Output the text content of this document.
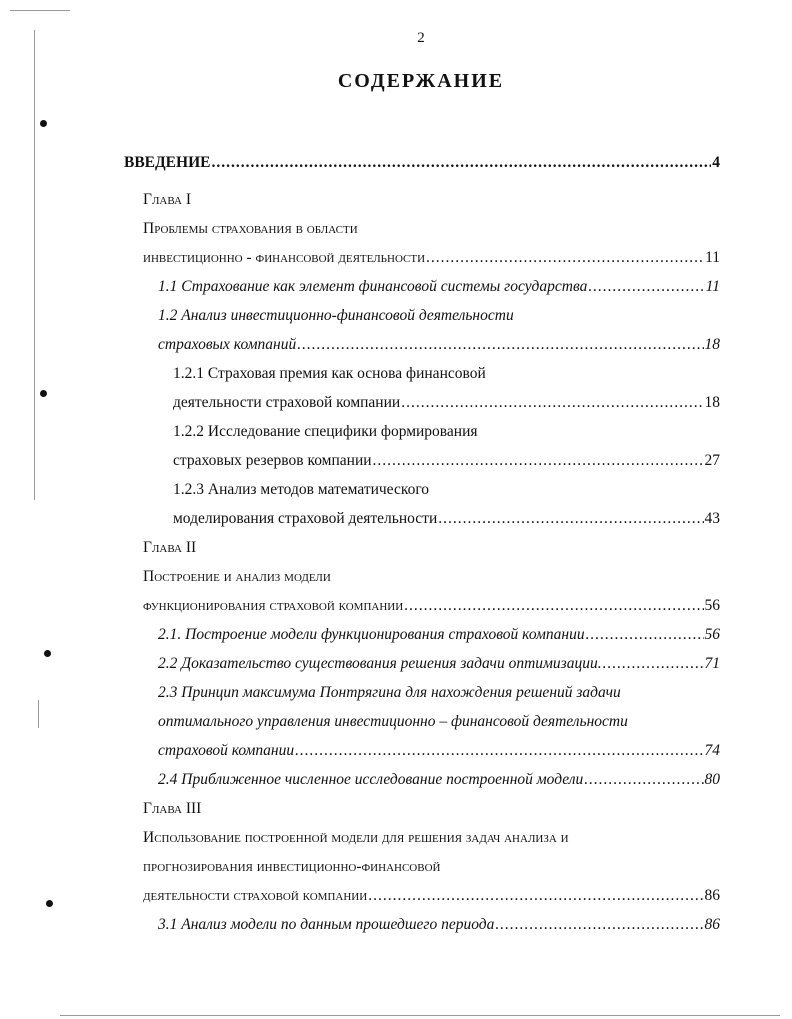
2
СОДЕРЖАНИЕ
ВВЕДЕНИЕ .....	4
Глава I
Проблемы страхования в области
инвестиционно - финансовой деятельности .....	11
1.1 Страхование как элемент финансовой системы государства .....	11
1.2 Анализ инвестиционно-финансовой деятельности
страховых компаний .....	18
1.2.1 Страховая премия как основа финансовой
деятельности страховой компании .....	18
1.2.2 Исследование специфики формирования
страховых резервов компании .....	27
1.2.3 Анализ методов математического
моделирования страховой деятельности .....	43
Глава II
Построение и анализ модели
функционирования страховой компании .....	56
2.1. Построение модели функционирования страховой компании .....	56
2.2 Доказательство существования решения задачи оптимизации. .....	71
2.3 Принцип максимума Понтрягина для нахождения решений задачи
оптимального управления инвестиционно – финансовой деятельности
страховой компании .....	74
2.4 Приближенное численное исследование построенной модели .....	80
Глава III
Использование построенной модели для решения задач анализа и
прогнозирования инвестиционно-финансовой
деятельности страховой компании .....	86
3.1 Анализ модели по данным прошедшего периода .....	86
